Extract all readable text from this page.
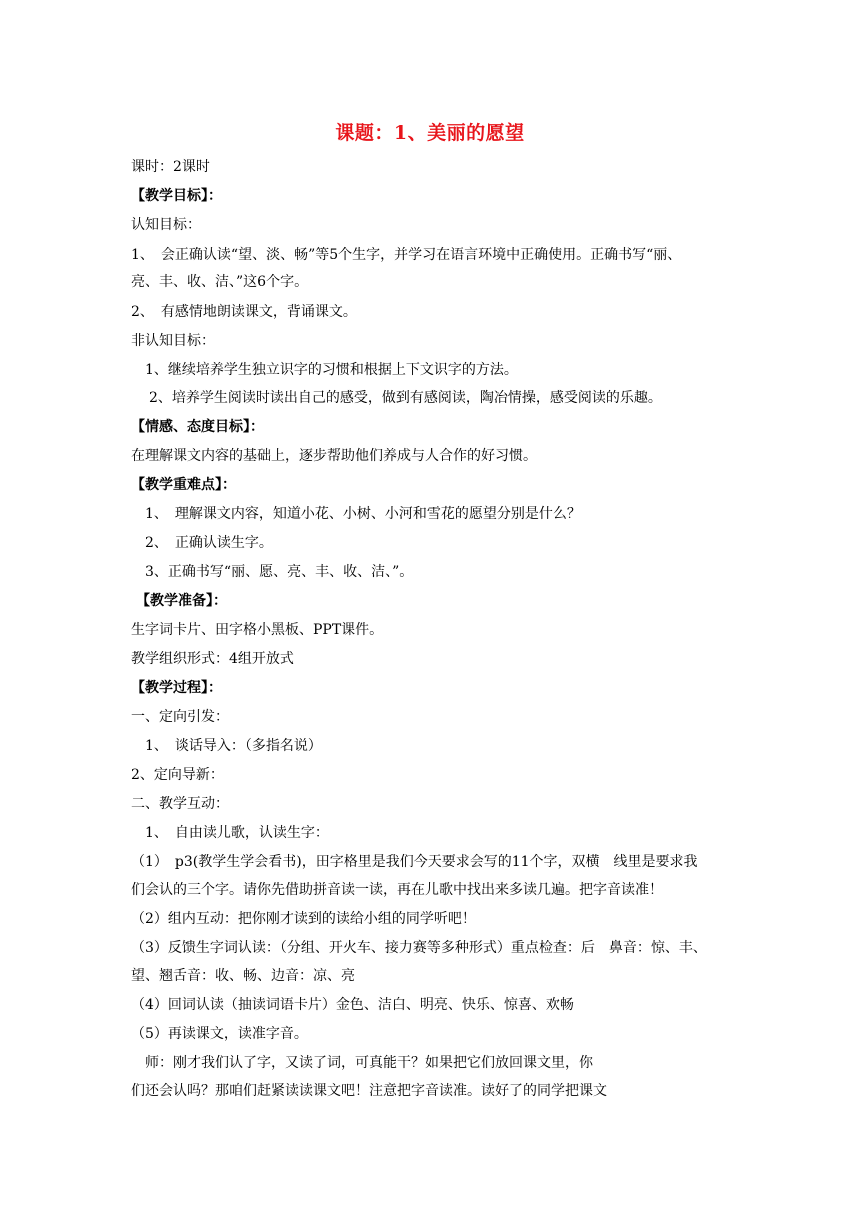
课题：1、美丽的愿望
课时：2课时
【教学目标】：
认知目标：
1、　会正确认读“望、淡、畅”等5个生字，并学习在语言环境中正确使用。正确书写“丽、
亮、丰、收、洁、”这6个字。
2、　有感情地朗读课文，背诵课文。
非认知目标：
1、继续培养学生独立识字的习惯和根据上下文识字的方法。
2、培养学生阅读时读出自己的感受，做到有感阅读，陶冶情操，感受阅读的乐趣。
【情感、态度目标】：
在理解课文内容的基础上，逐步帮助他们养成与人合作的好习惯。
【教学重难点】：
1、　理解课文内容，知道小花、小树、小河和雪花的愿望分别是什么？
2、　正确认读生字。
3、正确书写“丽、愿、亮、丰、收、洁、”。
【教学准备】：
生字词卡片、田字格小黑板、PPT课件。
教学组织形式：4组开放式
【教学过程】：
一、定向引发：
1、　谈话导入：（多指名说）
2、定向导新：
二、教学互动：
1、　自由读儿歌，认读生字：
（1）　p3(教学生学会看书)，田字格里是我们今天要求会写的11个字，双横　线里是要求我
们会认的三个字。请你先借助拼音读一读，再在儿歌中找出来多读几遍。把字音读准！
（2）组内互动：把你刚才读到的读给小组的同学听吧！
（3）反馈生字词认读：（分组、开火车、接力赛等多种形式）重点检查：后　鼻音：惊、丰、
望、翘舌音：收、畅、边音：凉、亮
（4）回词认读（抽读词语卡片）金色、洁白、明亮、快乐、惊喜、欢畅
（5）再读课文，读准字音。
师：刚才我们认了字，又读了词，可真能干？如果把它们放回课文里，你
们还会认吗？那咱们赶紧读读课文吧！注意把字音读准。读好了的同学把课文
